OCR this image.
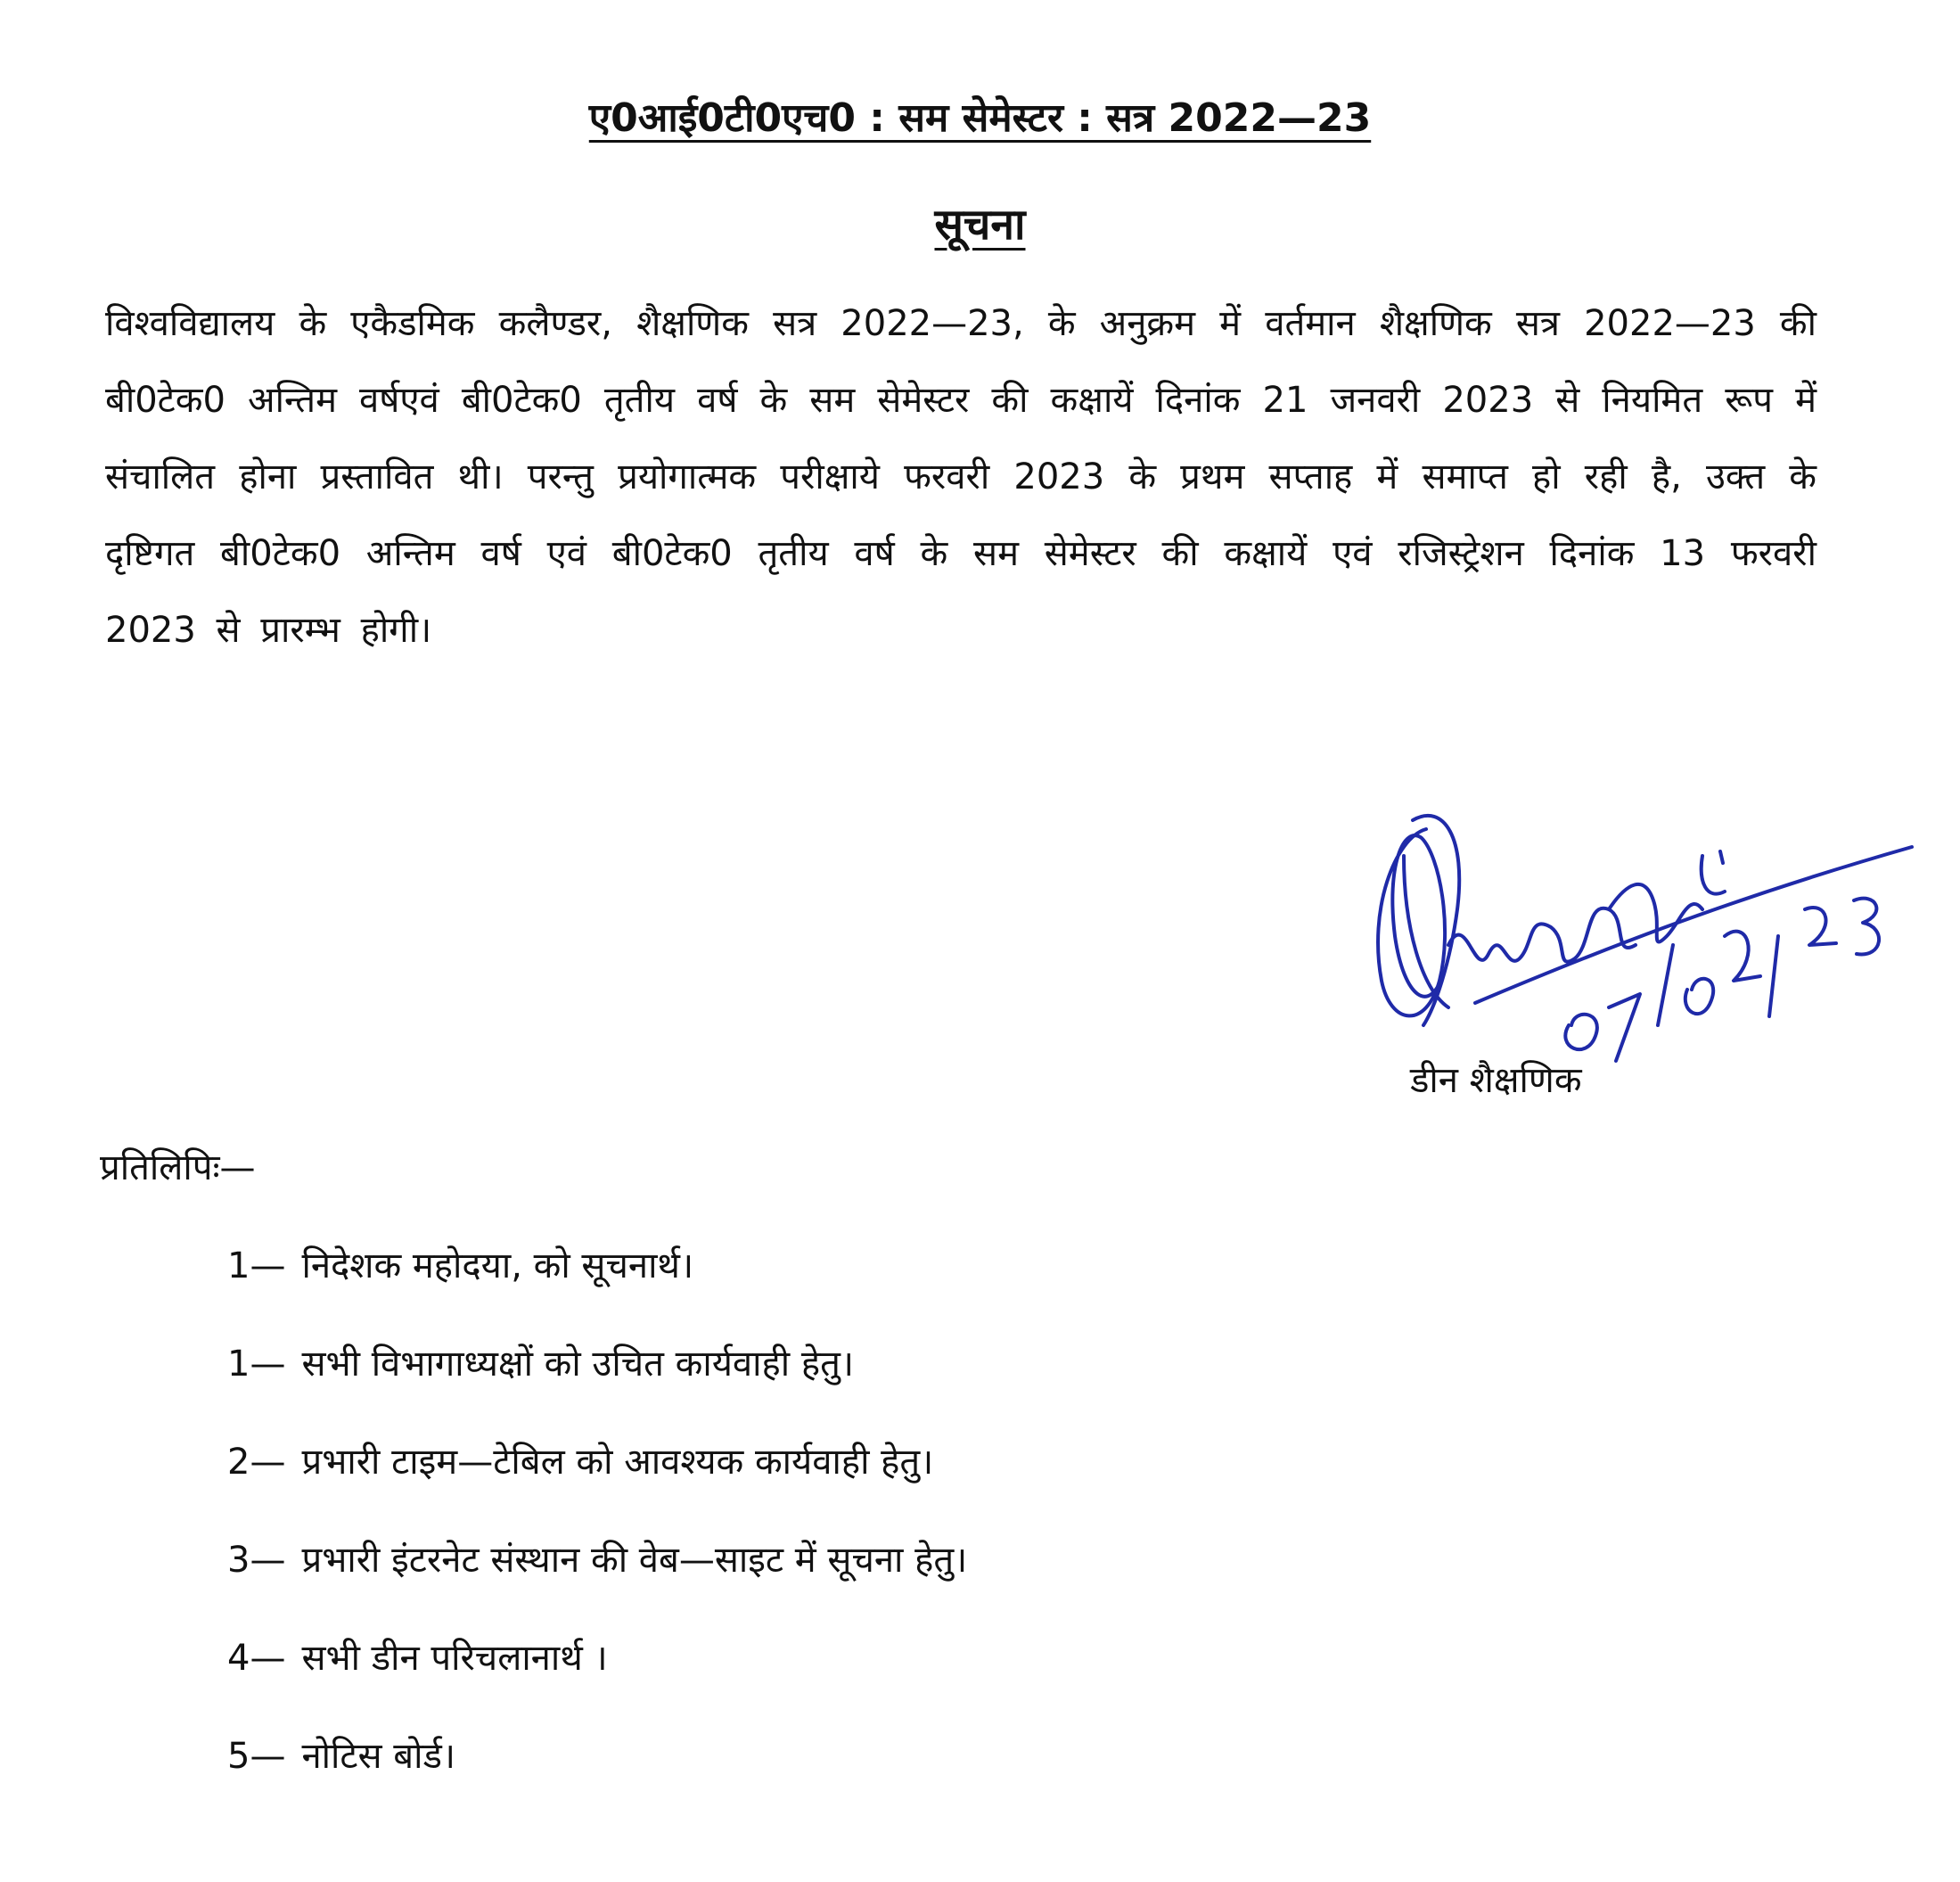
ए0आई0टी0एच0 : सम सेमेस्टर : सत्र 2022—23
सूचना
विश्वविद्यालय के एकैडमिक कलैण्डर, शैक्षणिक सत्र 2022—23, के अनुक्रम में वर्तमान शैक्षणिक सत्र 2022—23 की बी0टेक0 अन्तिम वर्षएवं बी0टेक0 तृतीय वर्ष के सम सेमेस्टर की कक्षायें दिनांक 21 जनवरी 2023 से नियमित रूप में संचालित होना प्रस्तावित थी। परन्तु प्रयोगात्मक परीक्षाये फरवरी 2023 के प्रथम सप्ताह में समाप्त हो रही है, उक्त के दृष्टिगत बी0टेक0 अन्तिम वर्ष एवं बी0टेक0 तृतीय वर्ष के सम सेमेस्टर की कक्षायें एवं रजिस्ट्रेशन दिनांक 13 फरवरी 2023 से प्रारम्भ होगी।
डीन शैक्षणिक
प्रतिलिपिः—
1— निदेशक महोदया, को सूचनार्थ।
1— सभी विभागाध्यक्षों को उचित कार्यवाही हेतु।
2— प्रभारी टाइम—टेबिल को आवश्यक कार्यवाही हेतु।
3— प्रभारी इंटरनेट संस्थान की वेब—साइट में सूचना हेतु।
4— सभी डीन परिचलानार्थ ।
5— नोटिस बोर्ड।
